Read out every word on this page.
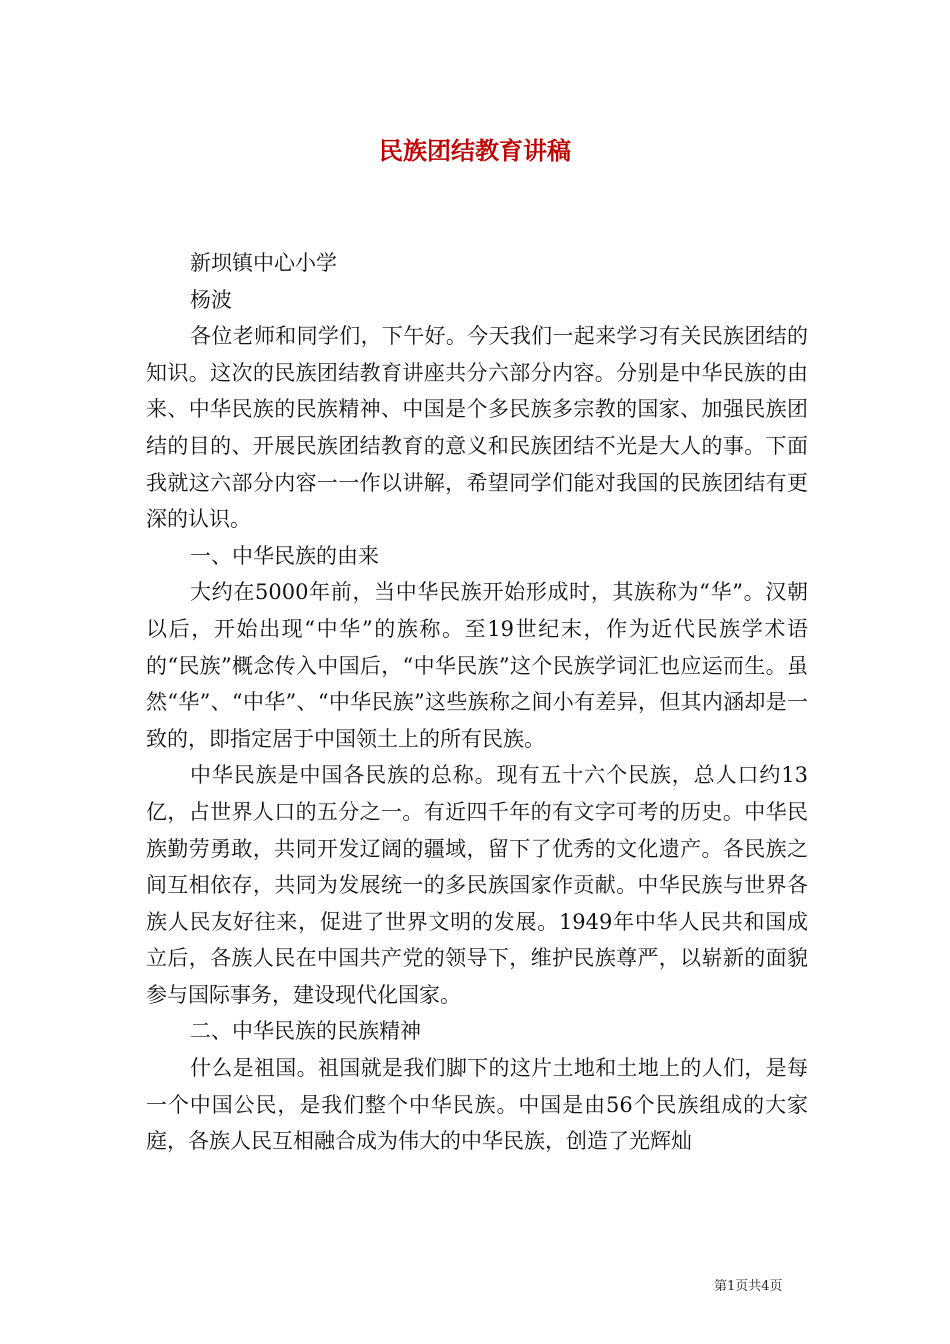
民族团结教育讲稿

新坝镇中心小学

杨波

各位老师和同学们，下午好。今天我们一起来学习有关民族团结的知识。这次的民族团结教育讲座共分六部分内容。分别是中华民族的由来、中华民族的民族精神、中国是个多民族多宗教的国家、加强民族团结的目的、开展民族团结教育的意义和民族团结不光是大人的事。下面我就这六部分内容一一作以讲解，希望同学们能对我国的民族团结有更深的认识。

一、中华民族的由来

大约在5000年前，当中华民族开始形成时，其族称为“华”。汉朝以后，开始出现“中华”的族称。至19世纪末，作为近代民族学术语的“民族”概念传入中国后，“中华民族”这个民族学词汇也应运而生。虽然“华”、“中华”、“中华民族”这些族称之间小有差异，但其内涵却是一致的，即指定居于中国领土上的所有民族。

中华民族是中国各民族的总称。现有五十六个民族，总人口约13亿，占世界人口的五分之一。有近四千年的有文字可考的历史。中华民族勤劳勇敢，共同开发辽阔的疆域，留下了优秀的文化遗产。各民族之间互相依存，共同为发展统一的多民族国家作贡献。中华民族与世界各族人民友好往来，促进了世界文明的发展。1949年中华人民共和国成立后，各族人民在中国共产党的领导下，维护民族尊严，以崭新的面貌参与国际事务，建设现代化国家。

二、中华民族的民族精神

什么是祖国。祖国就是我们脚下的这片土地和土地上的人们，是每一个中国公民，是我们整个中华民族。中国是由56个民族组成的大家庭，各族人民互相融合成为伟大的中华民族，创造了光辉灿

第1页共4页
